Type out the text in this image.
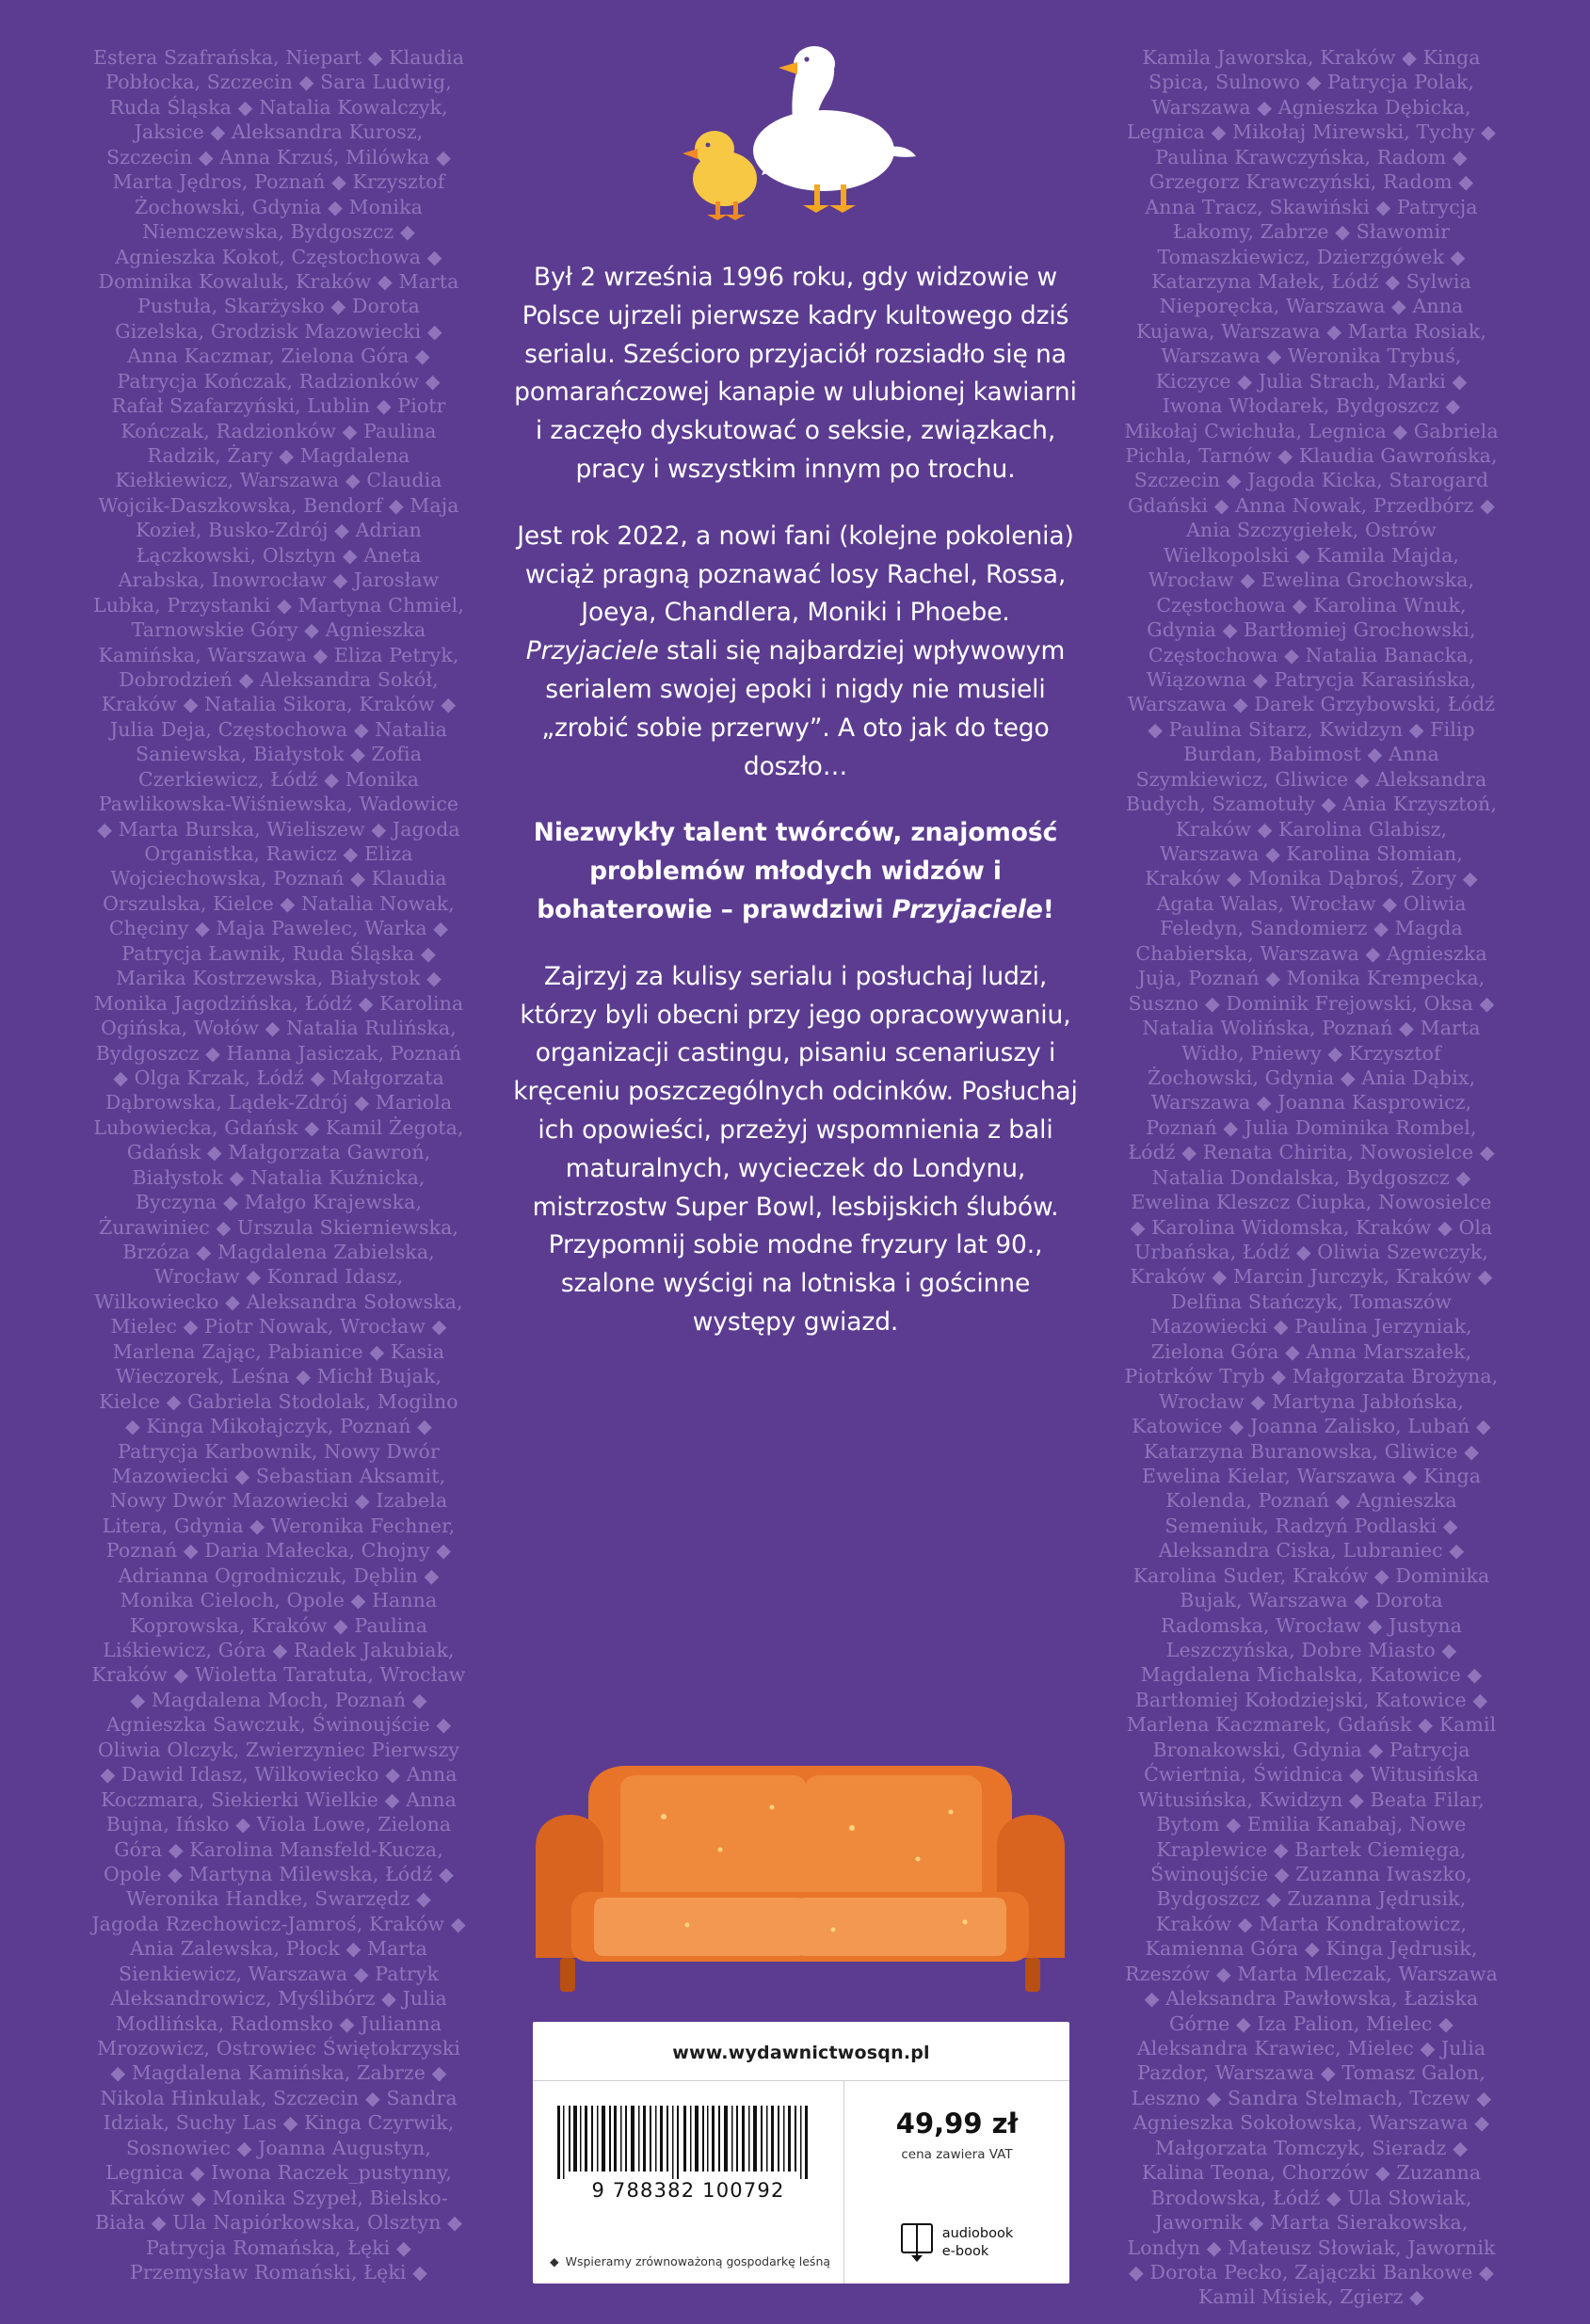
Estera Szafrańska, Niepart ◆ Klaudia Pobłocka, Szczecin ◆ Sara Ludwig, Ruda Śląska ◆ Natalia Kowalczyk, Jaksice ◆ Aleksandra Kurosz, Szczecin ◆ Anna Krzuś, Milówka ◆ Marta Jędros, Poznań ◆ Krzysztof Żochowski, Gdynia ◆ Monika Niemczewska, Bydgoszcz ◆ Agnieszka Kokot, Częstochowa ◆ Dominika Kowaluk, Kraków ◆ Marta Pustuła, Skarżysko ◆ Dorota Gizelska, Grodzisk Mazowiecki ◆ Anna Kaczmar, Zielona Góra ◆ Patrycja Kończak, Radzionków ◆ Rafał Szafarzyński, Lublin ◆ Piotr Kończak, Radzionków ◆ Paulina Radzik, Żary ◆ Magdalena Kiełkiewicz, Warszawa ◆ Claudia Wojcik-Daszkowska, Bendorf ◆ Maja Kozieł, Busko-Zdrój ◆ Adrian Łączkowski, Olsztyn ◆ Aneta Arabska, Inowrocław ◆ Jarosław Lubka, Przystanki ◆ Martyna Chmiel, Tarnowskie Góry ◆ Agnieszka Kamińska, Warszawa ◆ Eliza Petryk, Dobrodzień ◆ Aleksandra Sokół, Kraków ◆ Natalia Sikora, Kraków ◆ Julia Deja, Częstochowa ◆ Natalia Saniewska, Białystok ◆ Zofia Czerkiewicz, Łódź ◆ Monika Pawlikowska-Wiśniewska, Wadowice ◆ Marta Burska, Wieliszew ◆ Jagoda Organistka, Rawicz ◆ Eliza Wojciechowska, Poznań ◆ Klaudia Orszulska, Kielce ◆ Natalia Nowak, Chęciny ◆ Maja Pawelec, Warka ◆ Patrycja Ławnik, Ruda Śląska ◆ Marika Kostrzewska, Białystok ◆ Monika Jagodzińska, Łódź ◆ Karolina Ogińska, Wołów ◆ Natalia Rulińska, Bydgoszcz ◆ Hanna Jasiczak, Poznań ◆ Olga Krzak, Łódź ◆ Małgorzata Dąbrowska, Lądek-Zdrój ◆ Mariola Lubowiecka, Gdańsk ◆ Kamil Żegota, Gdańsk ◆ Małgorzata Gawroń, Białystok ◆ Natalia Kuźnicka, Byczyna ◆ Małgo Krajewska, Żurawiniec ◆ Urszula Skierniewska, Brzóza ◆ Magdalena Zabielska, Wrocław ◆ Konrad Idasz, Wilkowiecko ◆ Aleksandra Sołowska, Mielec ◆ Piotr Nowak, Wrocław ◆ Marlena Zając, Pabianice ◆ Kasia Wieczorek, Leśna ◆ Michł Bujak, Kielce ◆ Gabriela Stodolak, Mogilno ◆ Kinga Mikołajczyk, Poznań ◆ Patrycja Karbownik, Nowy Dwór Mazowiecki ◆ Sebastian Aksamit, Nowy Dwór Mazowiecki ◆ Izabela Litera, Gdynia ◆ Weronika Fechner, Poznań ◆ Daria Małecka, Chojny ◆ Adrianna Ogrodniczuk, Dęblin ◆ Monika Cieloch, Opole ◆ Hanna Koprowska, Kraków ◆ Paulina Liśkiewicz, Góra ◆ Radek Jakubiak, Kraków ◆ Wioletta Taratuta, Wrocław ◆ Magdalena Moch, Poznań ◆ Agnieszka Sawczuk, Świnoujście ◆ Oliwia Olczyk, Zwierzyniec Pierwszy ◆ Dawid Idasz, Wilkowiecko ◆ Anna Koczmara, Siekierki Wielkie ◆ Anna Bujna, Ińsko ◆ Viola Lowe, Zielona Góra ◆ Karolina Mansfeld-Kucza, Opole ◆ Martyna Milewska, Łódź ◆ Weronika Handke, Swarzędz ◆ Jagoda Rzechowicz-Jamroś, Kraków ◆ Ania Zalewska, Płock ◆ Marta Sienkiewicz, Warszawa ◆ Patryk Aleksandrowicz, Myślibórz ◆ Julia Modlińska, Radomsko ◆ Julianna Mrozowicz, Ostrowiec Świętokrzyski ◆ Magdalena Kamińska, Zabrze ◆ Nikola Hinkulak, Szczecin ◆ Sandra Idziak, Suchy Las ◆ Kinga Czyrwik, Sosnowiec ◆ Joanna Augustyn, Legnica ◆ Iwona Raczek_pustynny, Kraków ◆ Monika Szypeł, Bielsko-Biała ◆ Ula Napiórkowska, Olsztyn ◆ Patrycja Romańska, Łęki ◆ Przemysław Romański, Łęki ◆
Kamila Jaworska, Kraków ◆ Kinga Spica, Sulnowo ◆ Patrycja Polak, Warszawa ◆ Agnieszka Dębicka, Legnica ◆ Mikołaj Mirewski, Tychy ◆ Paulina Krawczyńska, Radom ◆ Grzegorz Krawczyński, Radom ◆ Anna Tracz, Skawiński ◆ Patrycja Łakomy, Zabrze ◆ Sławomir Tomaszkiewicz, Dzierzgówek ◆ Katarzyna Małek, Łódź ◆ Sylwia Nieporęcka, Warszawa ◆ Anna Kujawa, Warszawa ◆ Marta Rosiak, Warszawa ◆ Weronika Trybuś, Kiczyce ◆ Julia Strach, Marki ◆ Iwona Włodarek, Bydgoszcz ◆ Mikołaj Cwichuła, Legnica ◆ Gabriela Pichla, Tarnów ◆ Klaudia Gawrońska, Szczecin ◆ Jagoda Kicka, Starogard Gdański ◆ Anna Nowak, Przedbórz ◆ Ania Szczygiełek, Ostrów Wielkopolski ◆ Kamila Majda, Wrocław ◆ Ewelina Grochowska, Częstochowa ◆ Karolina Wnuk, Gdynia ◆ Bartłomiej Grochowski, Częstochowa ◆ Natalia Banacka, Wiązowna ◆ Patrycja Karasińska, Warszawa ◆ Darek Grzybowski, Łódź ◆ Paulina Sitarz, Kwidzyn ◆ Filip Burdan, Babimost ◆ Anna Szymkiewicz, Gliwice ◆ Aleksandra Budych, Szamotuły ◆ Ania Krzysztoń, Kraków ◆ Karolina Glabisz, Warszawa ◆ Karolina Słomian, Kraków ◆ Monika Dąbroś, Żory ◆ Agata Walas, Wrocław ◆ Oliwia Feledyn, Sandomierz ◆ Magda Chabierska, Warszawa ◆ Agnieszka Juja, Poznań ◆ Monika Krempecka, Suszno ◆ Dominik Frejowski, Oksa ◆ Natalia Wolińska, Poznań ◆ Marta Widło, Pniewy ◆ Krzysztof Żochowski, Gdynia ◆ Ania Dąbix, Warszawa ◆ Joanna Kasprowicz, Poznań ◆ Julia Dominika Rombel, Łódź ◆ Renata Chirita, Nowosielce ◆ Natalia Dondalska, Bydgoszcz ◆ Ewelina Kleszcz Ciupka, Nowosielce ◆ Karolina Widomska, Kraków ◆ Ola Urbańska, Łódź ◆ Oliwia Szewczyk, Kraków ◆ Marcin Jurczyk, Kraków ◆ Delfina Stańczyk, Tomaszów Mazowiecki ◆ Paulina Jerzyniak, Zielona Góra ◆ Anna Marszałek, Piotrków Tryb ◆ Małgorzata Brożyna, Wrocław ◆ Martyna Jabłońska, Katowice ◆ Joanna Zalisko, Lubań ◆ Katarzyna Buranowska, Gliwice ◆ Ewelina Kielar, Warszawa ◆ Kinga Kolenda, Poznań ◆ Agnieszka Semeniuk, Radzyń Podlaski ◆ Aleksandra Ciska, Lubraniec ◆ Karolina Suder, Kraków ◆ Dominika Bujak, Warszawa ◆ Dorota Radomska, Wrocław ◆ Justyna Leszczyńska, Dobre Miasto ◆ Magdalena Michalska, Katowice ◆ Bartłomiej Kołodziejski, Katowice ◆ Marlena Kaczmarek, Gdańsk ◆ Kamil Bronakowski, Gdynia ◆ Patrycja Ćwiertnia, Świdnica ◆ Witusińska Witusińska, Kwidzyn ◆ Beata Filar, Bytom ◆ Emilia Kanabaj, Nowe Kraplewice ◆ Bartek Ciemięga, Świnoujście ◆ Zuzanna Iwaszko, Bydgoszcz ◆ Zuzanna Jędrusik, Kraków ◆ Marta Kondratowicz, Kamienna Góra ◆ Kinga Jędrusik, Rzeszów ◆ Marta Mleczak, Warszawa ◆ Aleksandra Pawłowska, Łaziska Górne ◆ Iza Palion, Mielec ◆ Aleksandra Krawiec, Mielec ◆ Julia Pazdor, Warszawa ◆ Tomasz Galon, Leszno ◆ Sandra Stelmach, Tczew ◆ Agnieszka Sokołowska, Warszawa ◆ Małgorzata Tomczyk, Sieradz ◆ Kalina Teona, Chorzów ◆ Zuzanna Brodowska, Łódź ◆ Ula Słowiak, Jawornik ◆ Marta Sierakowska, Londyn ◆ Mateusz Słowiak, Jawornik ◆ Dorota Pecko, Zajączki Bankowe ◆ Kamil Misiek, Zgierz ◆

Był 2 września 1996 roku, gdy widzowie w Polsce ujrzeli pierwsze kadry kultowego dziś serialu. Sześcioro przyjaciół rozsiadło się na pomarańczowej kanapie w ulubionej kawiarni i zaczęło dyskutować o seksie, związkach, pracy i wszystkim innym po trochu.

Jest rok 2022, a nowi fani (kolejne pokolenia) wciąż pragną poznawać losy Rachel, Rossa, Joeya, Chandlera, Moniki i Phoebe. Przyjaciele stali się najbardziej wpływowym serialem swojej epoki i nigdy nie musieli „zrobić sobie przerwy”. A oto jak do tego doszło…

Niezwykły talent twórców, znajomość problemów młodych widzów i bohaterowie – prawdziwi Przyjaciele!

Zajrzyj za kulisy serialu i posłuchaj ludzi, którzy byli obecni przy jego opracowywaniu, organizacji castingu, pisaniu scenariuszy i kręceniu poszczególnych odcinków. Posłuchaj ich opowieści, przeżyj wspomnienia z bali maturalnych, wycieczek do Londynu, mistrzostw Super Bowl, lesbijskich ślubów. Przypomnij sobie modne fryzury lat 90., szalone wyścigi na lotniska i gościnne występy gwiazd.

www.wydawnictwosqn.pl
9 788382 100792
◆ Wspieramy zrównoważoną gospodarkę leśną
49,99 zł
cena zawiera VAT
audiobook
e-book
